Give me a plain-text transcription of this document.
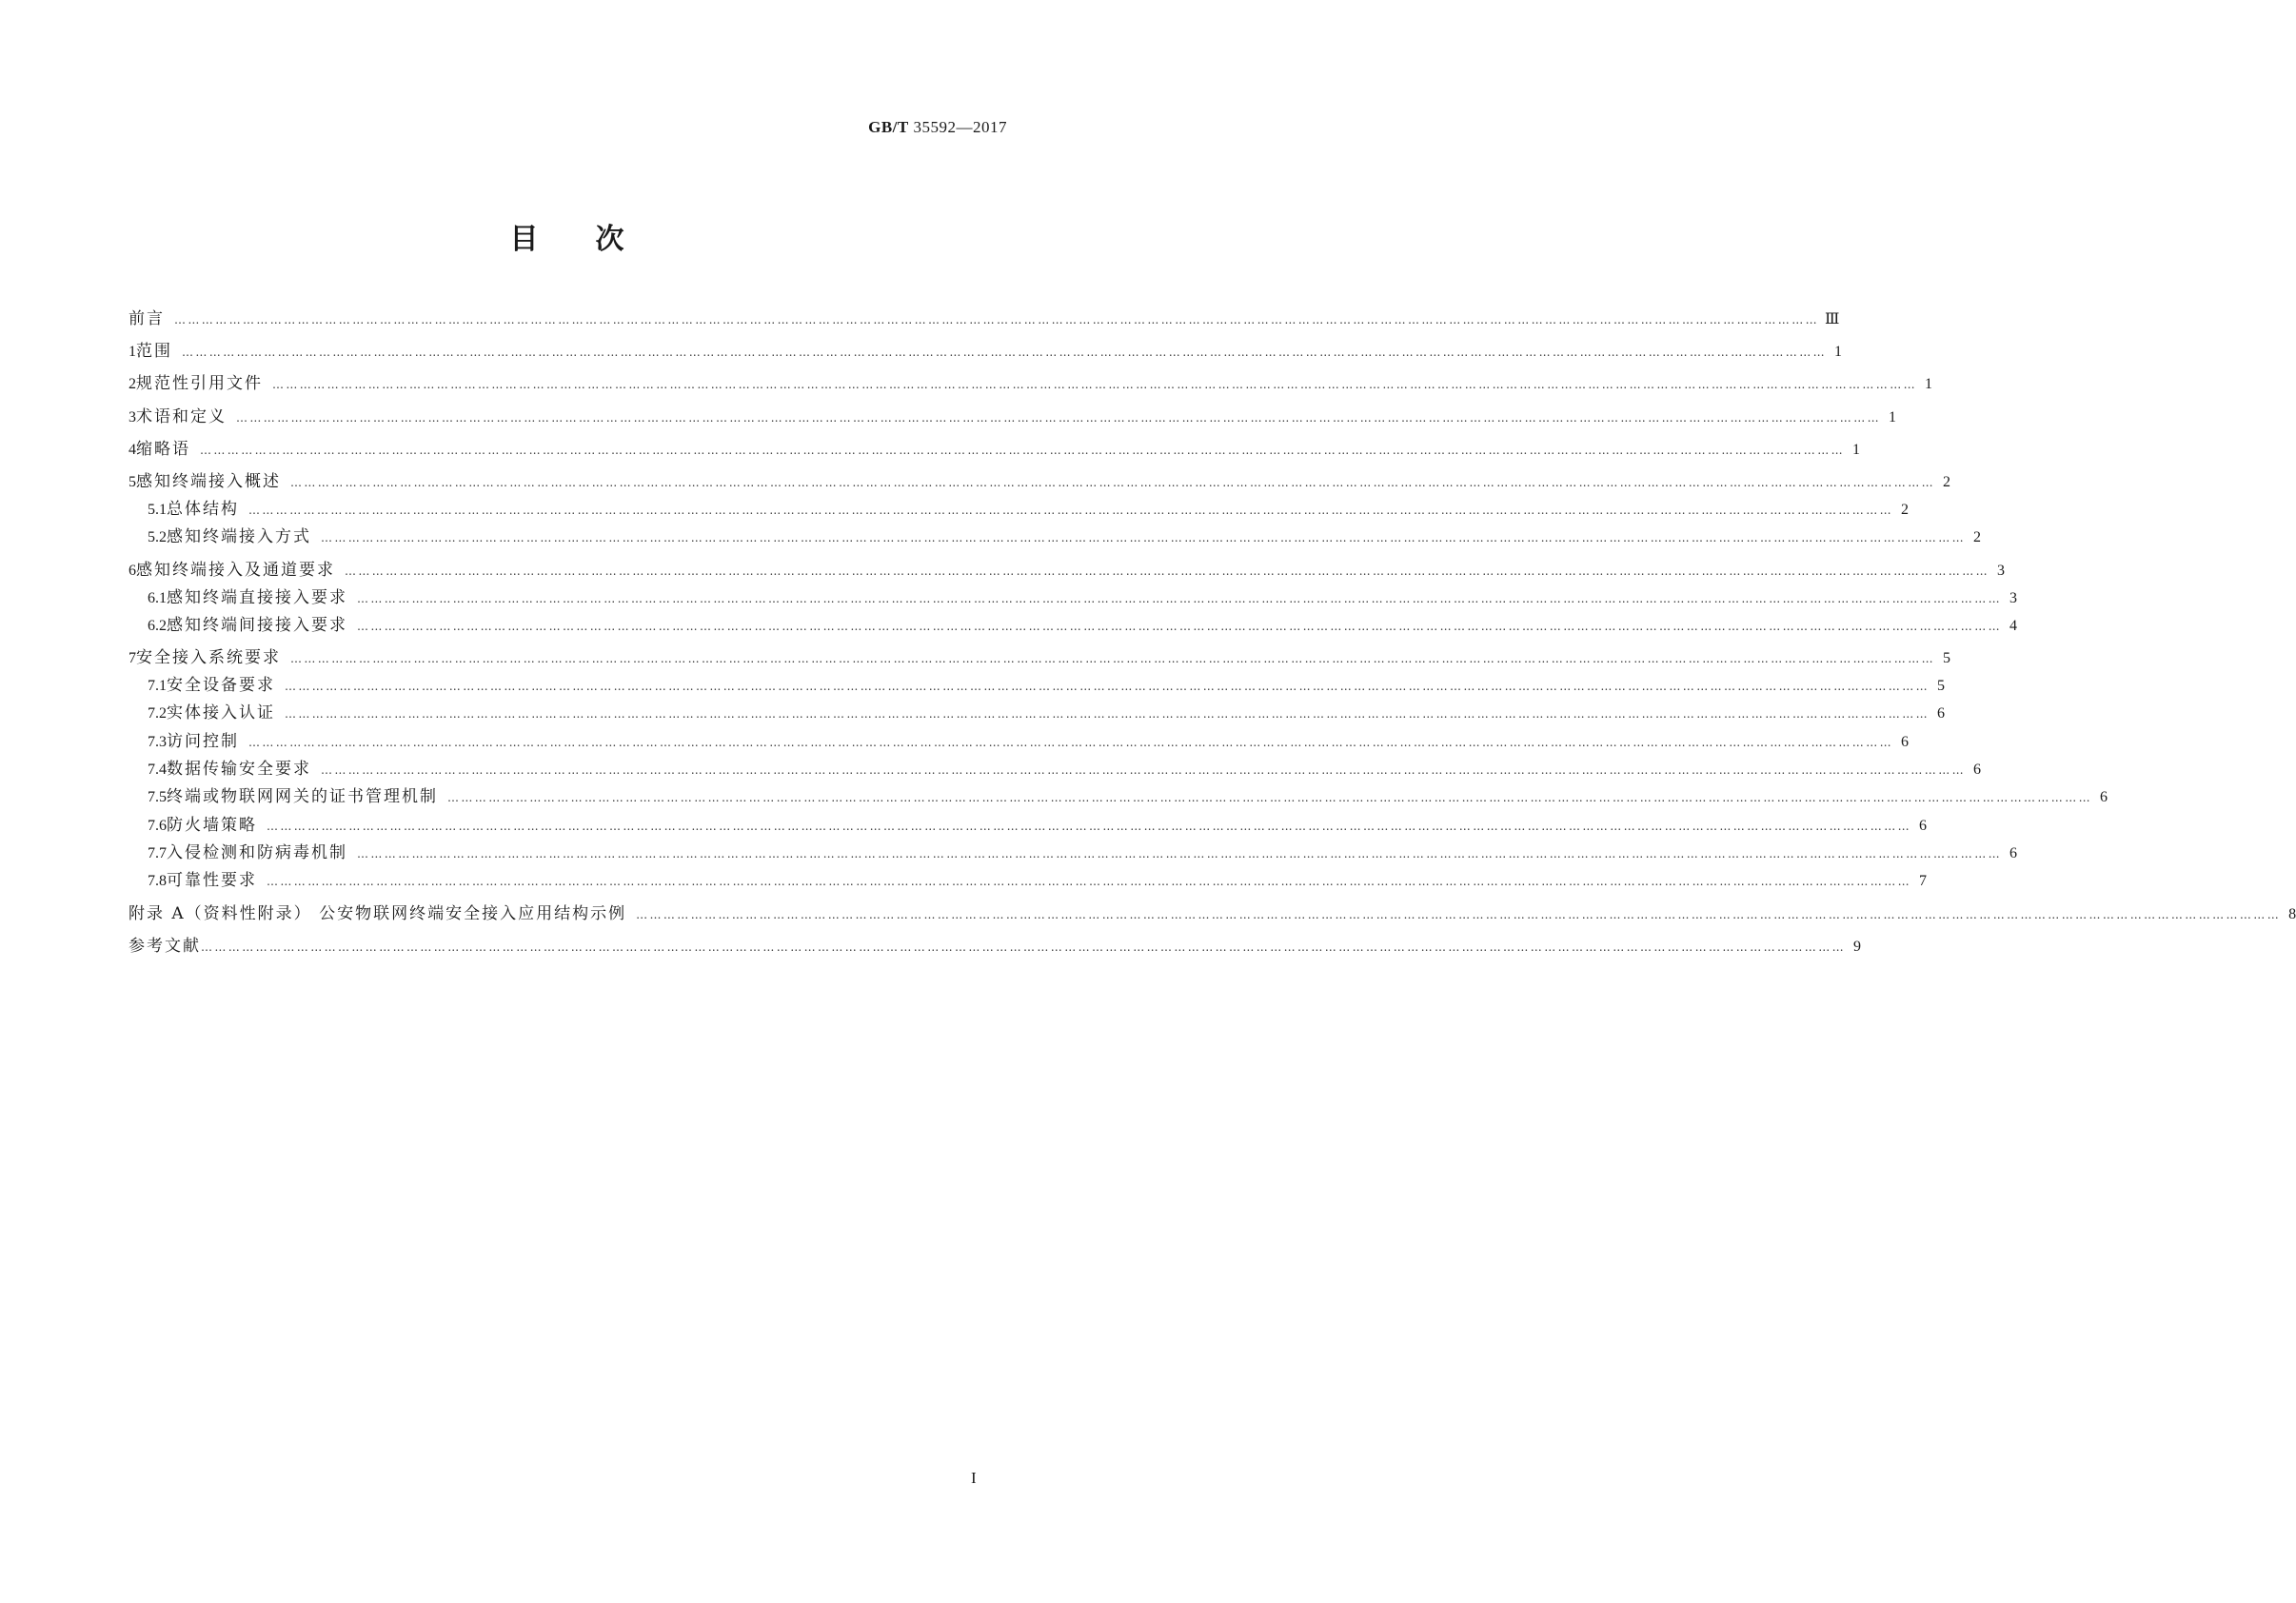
GB/T 35592—2017
目次
前言 ……………………………………………………………………………………………………………………………………………………………………………………………………………………………………………………………………………………………………………………………… Ⅲ
1 范围 ……………………………………………………………………………………………………………………………………………………………………………………………………………………………………………………………………………………………………………………………… 1
2 规范性引用文件 ……………………………………………………………………………………………………………………………………………………………………………………………………………………………………………………………………………………………………………………………… 1
3 术语和定义 ……………………………………………………………………………………………………………………………………………………………………………………………………………………………………………………………………………………………………………………………… 1
4 缩略语 ……………………………………………………………………………………………………………………………………………………………………………………………………………………………………………………………………………………………………………………………… 1
5 感知终端接入概述 ……………………………………………………………………………………………………………………………………………………………………………………………………………………………………………………………………………………………………………………………… 2
5.1 总体结构 ……………………………………………………………………………………………………………………………………………………………………………………………………………………………………………………………………………………………………………………………… 2
5.2 感知终端接入方式 ……………………………………………………………………………………………………………………………………………………………………………………………………………………………………………………………………………………………………………………………… 2
6 感知终端接入及通道要求 ……………………………………………………………………………………………………………………………………………………………………………………………………………………………………………………………………………………………………………………………… 3
6.1 感知终端直接接入要求 ……………………………………………………………………………………………………………………………………………………………………………………………………………………………………………………………………………………………………………………………… 3
6.2 感知终端间接接入要求 ……………………………………………………………………………………………………………………………………………………………………………………………………………………………………………………………………………………………………………………………… 4
7 安全接入系统要求 ……………………………………………………………………………………………………………………………………………………………………………………………………………………………………………………………………………………………………………………………… 5
7.1 安全设备要求 ……………………………………………………………………………………………………………………………………………………………………………………………………………………………………………………………………………………………………………………………… 5
7.2 实体接入认证 ……………………………………………………………………………………………………………………………………………………………………………………………………………………………………………………………………………………………………………………………… 6
7.3 访问控制 ……………………………………………………………………………………………………………………………………………………………………………………………………………………………………………………………………………………………………………………………… 6
7.4 数据传输安全要求 ……………………………………………………………………………………………………………………………………………………………………………………………………………………………………………………………………………………………………………………………… 6
7.5 终端或物联网网关的证书管理机制 ……………………………………………………………………………………………………………………………………………………………………………………………………………………………………………………………………………………………………………………………… 6
7.6 防火墙策略 ……………………………………………………………………………………………………………………………………………………………………………………………………………………………………………………………………………………………………………………………… 6
7.7 入侵检测和防病毒机制 ……………………………………………………………………………………………………………………………………………………………………………………………………………………………………………………………………………………………………………………………… 6
7.8 可靠性要求 ……………………………………………………………………………………………………………………………………………………………………………………………………………………………………………………………………………………………………………………………… 7
附录 A（资料性附录） 公安物联网终端安全接入应用结构示例 ……………………………………………………………………………………………………………………………………………………………………………………………………………………………………………………………………………………………………………………………… 8
参考文献 ……………………………………………………………………………………………………………………………………………………………………………………………………………………………………………………………………………………………………………………………… 9
I
